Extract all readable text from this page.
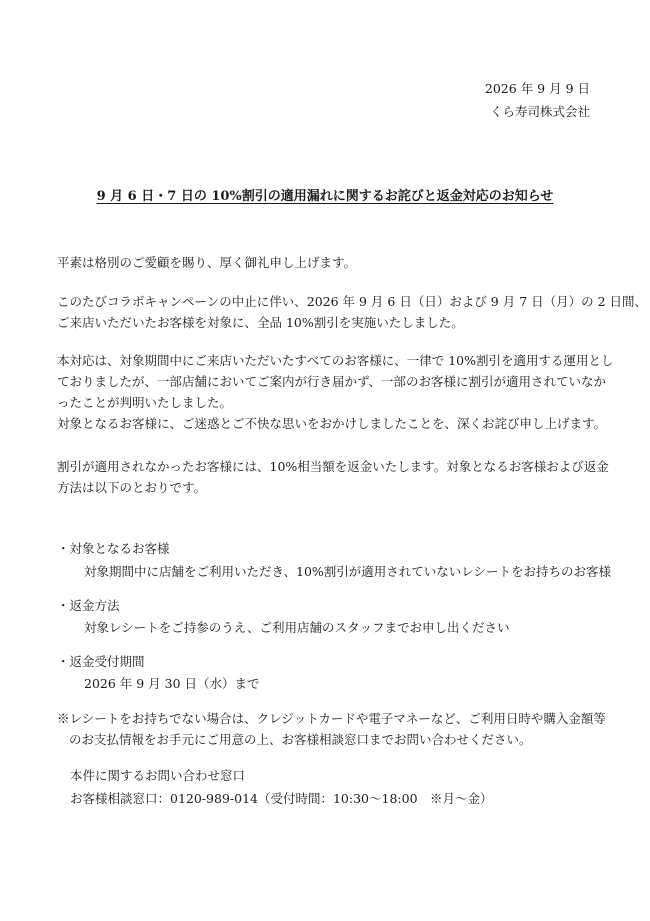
2026 年 9 月 9 日

くら寿司株式会社

9 月 6 日・7 日の 10%割引の適用漏れに関するお詫びと返金対応のお知らせ

平素は格別のご愛顧を賜り、厚く御礼申し上げます。

このたびコラボキャンペーンの中止に伴い、2026 年 9 月 6 日（日）および 9 月 7 日（月）の 2 日間、
ご来店いただいたお客様を対象に、全品 10%割引を実施いたしました。

本対応は、対象期間中にご来店いただいたすべてのお客様に、一律で 10%割引を適用する運用とし
ておりましたが、一部店舗においてご案内が行き届かず、一部のお客様に割引が適用されていなか
ったことが判明いたしました。
対象となるお客様に、ご迷惑とご不快な思いをおかけしましたことを、深くお詫び申し上げます。

割引が適用されなかったお客様には、10%相当額を返金いたします。対象となるお客様および返金
方法は以下のとおりです。

・対象となるお客様

対象期間中に店舗をご利用いただき、10%割引が適用されていないレシートをお持ちのお客様

・返金方法

対象レシートをご持参のうえ、ご利用店舗のスタッフまでお申し出ください

・返金受付期間

2026 年 9 月 30 日（水）まで

※レシートをお持ちでない場合は、クレジットカードや電子マネーなど、ご利用日時や購入金額等
のお支払情報をお手元にご用意の上、お客様相談窓口までお問い合わせください。

本件に関するお問い合わせ窓口

お客様相談窓口：0120-989-014（受付時間：10:30〜18:00　※月〜金）
